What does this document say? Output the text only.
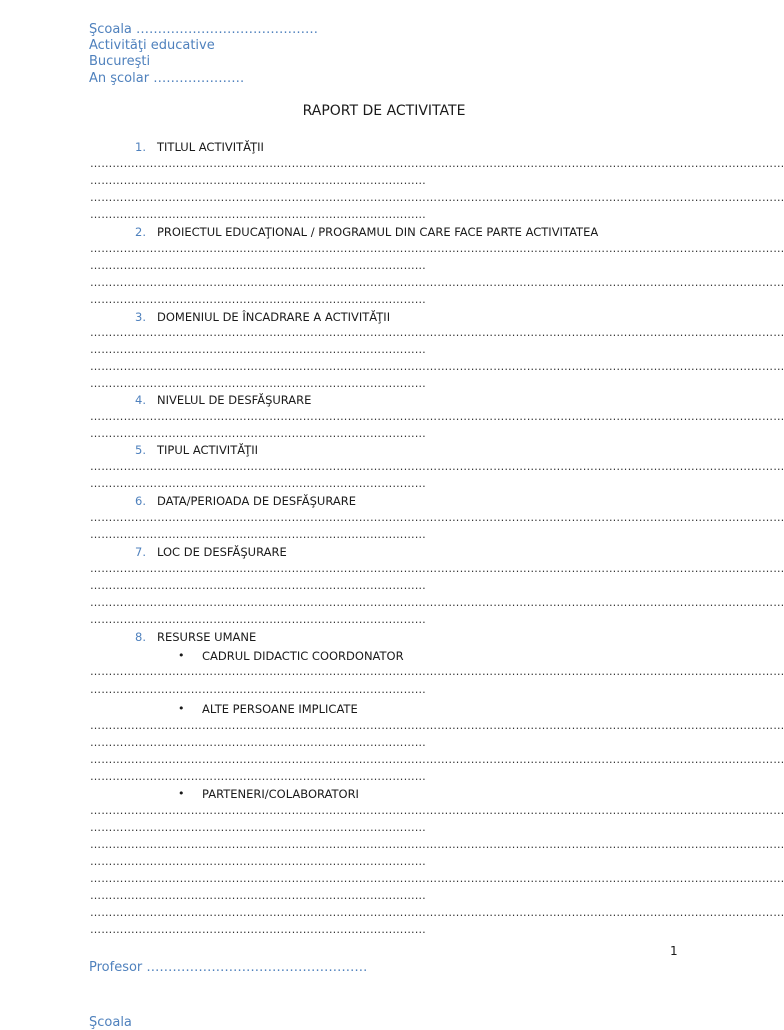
Şcoala ……………………………………
Activităţi educative
Bucureşti
An şcolar …………………
RAPORT DE ACTIVITATE
1. TITLUL ACTIVITĂŢII
……………………………………………………………………………………………………………………………………………………………………
………………………………………………………………………………
……………………………………………………………………………………………………………………………………………………………………
………………………………………………………………………………
2. PROIECTUL EDUCAŢIONAL / PROGRAMUL DIN CARE FACE PARTE ACTIVITATEA
……………………………………………………………………………………………………………………………………………………………………
………………………………………………………………………………
……………………………………………………………………………………………………………………………………………………………………
………………………………………………………………………………
3. DOMENIUL DE ÎNCADRARE A ACTIVITĂŢII
……………………………………………………………………………………………………………………………………………………………………
………………………………………………………………………………
……………………………………………………………………………………………………………………………………………………………………
………………………………………………………………………………
4. NIVELUL DE DESFĂŞURARE
……………………………………………………………………………………………………………………………………………………………………
………………………………………………………………………………
5. TIPUL ACTIVITĂŢII
……………………………………………………………………………………………………………………………………………………………………
………………………………………………………………………………
6. DATA/PERIOADA DE DESFĂŞURARE
……………………………………………………………………………………………………………………………………………………………………
………………………………………………………………………………
7. LOC DE DESFĂŞURARE
……………………………………………………………………………………………………………………………………………………………………
………………………………………………………………………………
……………………………………………………………………………………………………………………………………………………………………
………………………………………………………………………………
8. RESURSE UMANE
• CADRUL DIDACTIC COORDONATOR
……………………………………………………………………………………………………………………………………………………………………
………………………………………………………………………………
• ALTE PERSOANE IMPLICATE
……………………………………………………………………………………………………………………………………………………………………
………………………………………………………………………………
……………………………………………………………………………………………………………………………………………………………………
………………………………………………………………………………
• PARTENERI/COLABORATORI
……………………………………………………………………………………………………………………………………………………………………
………………………………………………………………………………
……………………………………………………………………………………………………………………………………………………………………
………………………………………………………………………………
……………………………………………………………………………………………………………………………………………………………………
………………………………………………………………………………
……………………………………………………………………………………………………………………………………………………………………
………………………………………………………………………………
1
Profesor ……………………………………………
Şcoala
